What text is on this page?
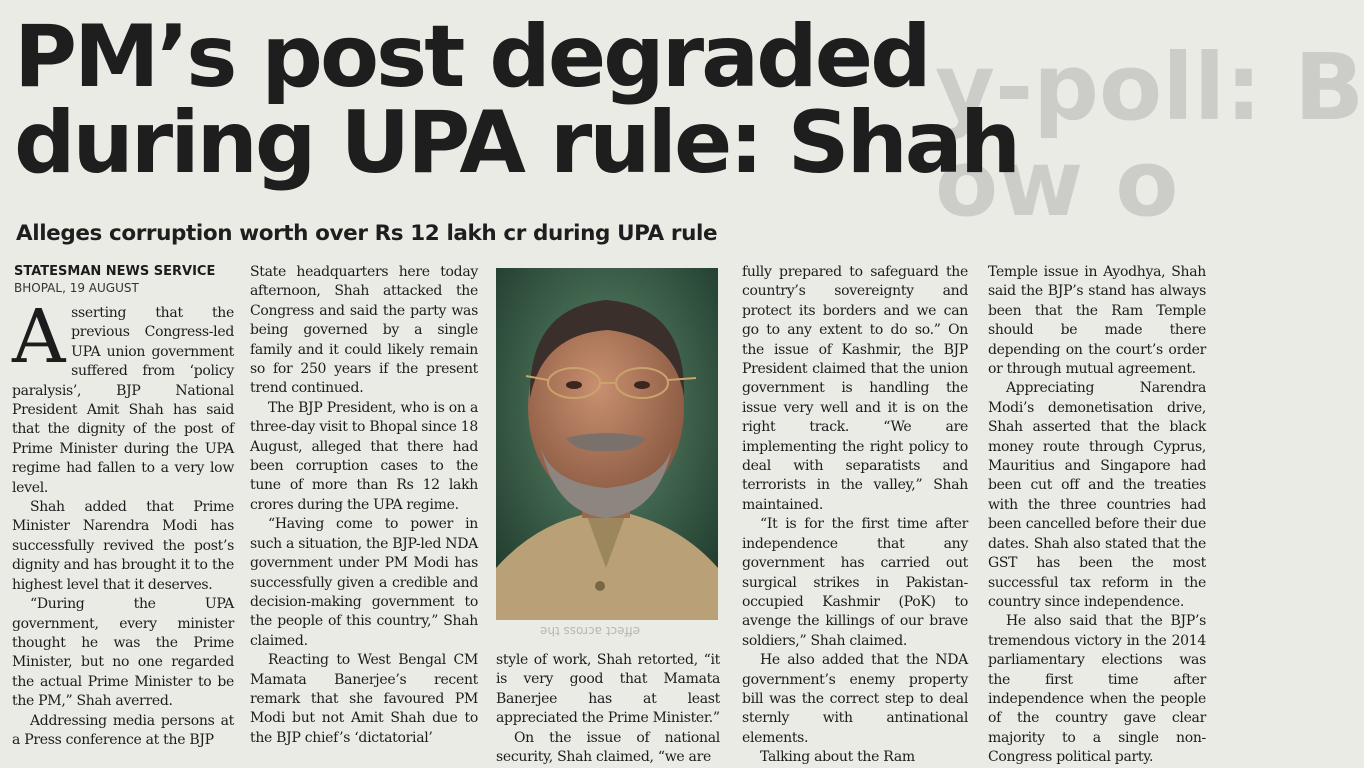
y-poll: B
ow o
PM’s post degraded
during UPA rule: Shah
Alleges corruption worth over Rs 12 lakh cr during UPA rule
STATESMAN NEWS SERVICE
BHOPAL, 19 AUGUST

Asserting that the previous Congress-led UPA union government suffered from ‘policy paralysis’, BJP National President Amit Shah has said that the dignity of the post of Prime Minister during the UPA regime had fallen to a very low level.

Shah added that Prime Minister Narendra Modi has successfully revived the post’s dignity and has brought it to the highest level that it deserves.

“During the UPA government, every minister thought he was the Prime Minister, but no one regarded the actual Prime Minister to be the PM,” Shah averred.

Addressing media persons at a Press conference at the BJP

State headquarters here today afternoon, Shah attacked the Congress and said the party was being governed by a single family and it could likely remain so for 250 years if the present trend continued.

The BJP President, who is on a three-day visit to Bhopal since 18 August, alleged that there had been corruption cases to the tune of more than Rs 12 lakh crores during the UPA regime.

“Having come to power in such a situation, the BJP-led NDA government under PM Modi has successfully given a credible and decision-making government to the people of this country,” Shah claimed.

Reacting to West Bengal CM Mamata Banerjee’s recent remark that she favoured PM Modi but not Amit Shah due to the BJP chief’s ‘dictatorial’

effect across the

style of work, Shah retorted, “it is very good that Mamata Banerjee has at least appreciated the Prime Minister.”

On the issue of national security, Shah claimed, “we are

fully prepared to safeguard the country’s sovereignty and protect its borders and we can go to any extent to do so.” On the issue of Kashmir, the BJP President claimed that the union government is handling the issue very well and it is on the right track. “We are implementing the right policy to deal with separatists and terrorists in the valley,” Shah maintained.

“It is for the first time after independence that any government has carried out surgical strikes in Pakistan-occupied Kashmir (PoK) to avenge the killings of our brave soldiers,” Shah claimed.

He also added that the NDA government’s enemy property bill was the correct step to deal sternly with antinational elements.

Talking about the Ram

Temple issue in Ayodhya, Shah said the BJP’s stand has always been that the Ram Temple should be made there depending on the court’s order or through mutual agreement.

Appreciating Narendra Modi’s demonetisation drive, Shah asserted that the black money route through Cyprus, Mauritius and Singapore had been cut off and the treaties with the three countries had been cancelled before their due dates. Shah also stated that the GST has been the most successful tax reform in the country since independence.

He also said that the BJP’s tremendous victory in the 2014 parliamentary elections was the first time after independence when the people of the country gave clear majority to a single non-Congress political party.
